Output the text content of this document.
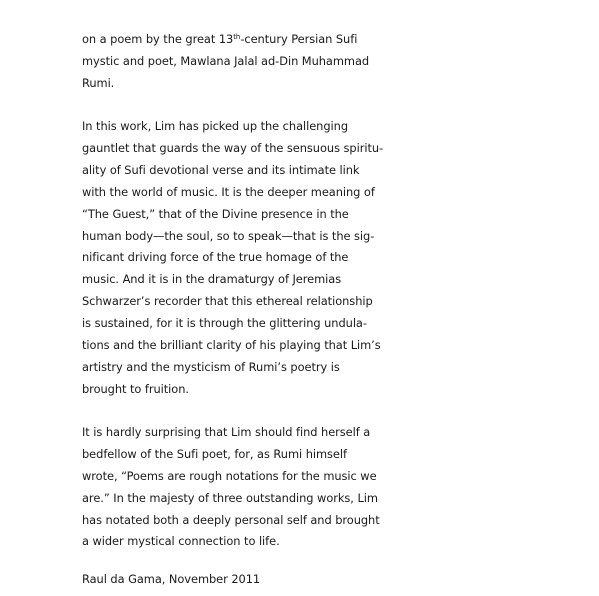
on a poem by the great 13th-century Persian Sufi
mystic and poet, Mawlana Jalal ad-Din Muhammad
Rumi.
In this work, Lim has picked up the challenging
gauntlet that guards the way of the sensuous spiritu-
ality of Sufi devotional verse and its intimate link
with the world of music. It is the deeper meaning of
“The Guest,” that of the Divine presence in the
human body—the soul, so to speak—that is the sig-
nificant driving force of the true homage of the
music. And it is in the dramaturgy of Jeremias
Schwarzer’s recorder that this ethereal relationship
is sustained, for it is through the glittering undula-
tions and the brilliant clarity of his playing that Lim’s
artistry and the mysticism of Rumi’s poetry is
brought to fruition.
It is hardly surprising that Lim should find herself a
bedfellow of the Sufi poet, for, as Rumi himself
wrote, “Poems are rough notations for the music we
are.” In the majesty of three outstanding works, Lim
has notated both a deeply personal self and brought
a wider mystical connection to life.
Raul da Gama, November 2011
